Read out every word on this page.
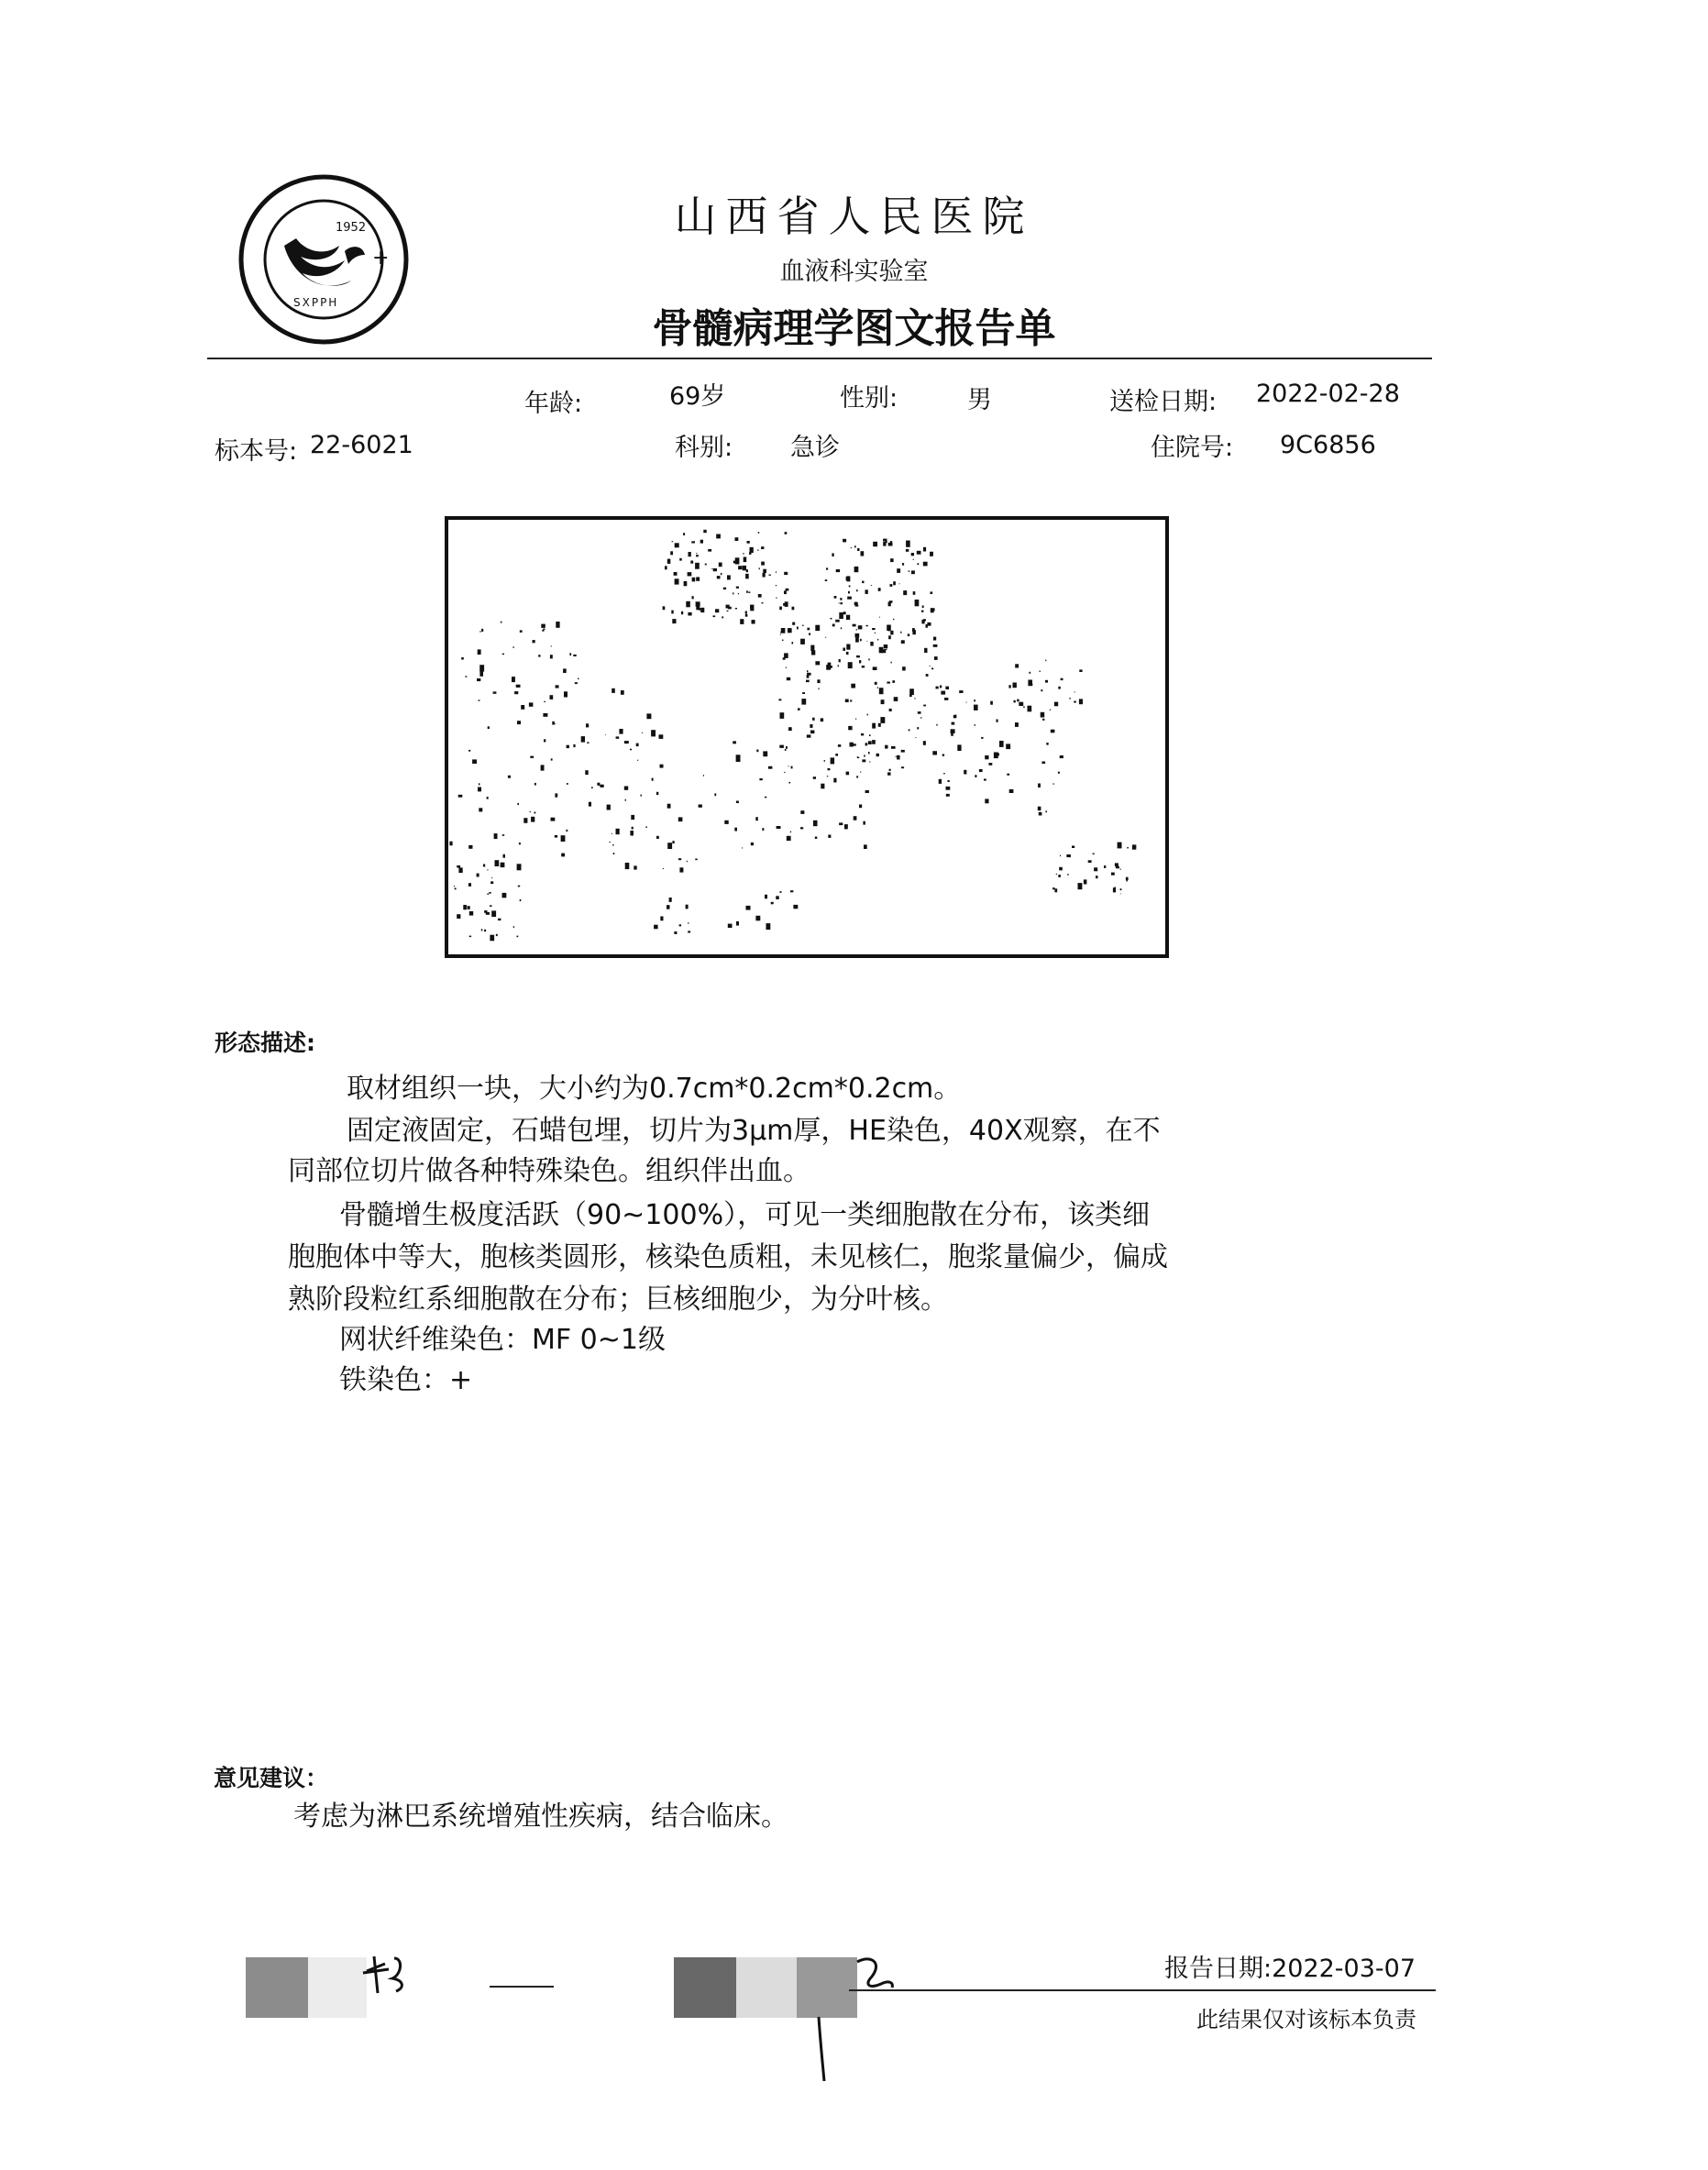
1952
+
SXPPH
山西省人民医院
血液科实验室
骨髓病理学图文报告单
年龄:	69岁	性别:	男	送检日期: 2022-02-28
标本号: 22-6021	科别: 急诊	住院号: 9C6856
形态描述:
取材组织一块，大小约为0.7cm*0.2cm*0.2cm。
固定液固定，石蜡包埋，切片为3μm厚，HE染色，40X观察，在不
同部位切片做各种特殊染色。组织伴出血。
骨髓增生极度活跃（90~100%），可见一类细胞散在分布，该类细
胞胞体中等大，胞核类圆形，核染色质粗，未见核仁，胞浆量偏少，偏成
熟阶段粒红系细胞散在分布；巨核细胞少，为分叶核。
网状纤维染色：MF 0~1级
铁染色：+
意见建议：
考虑为淋巴系统增殖性疾病，结合临床。
报告日期:2022-03-07
此结果仅对该标本负责
